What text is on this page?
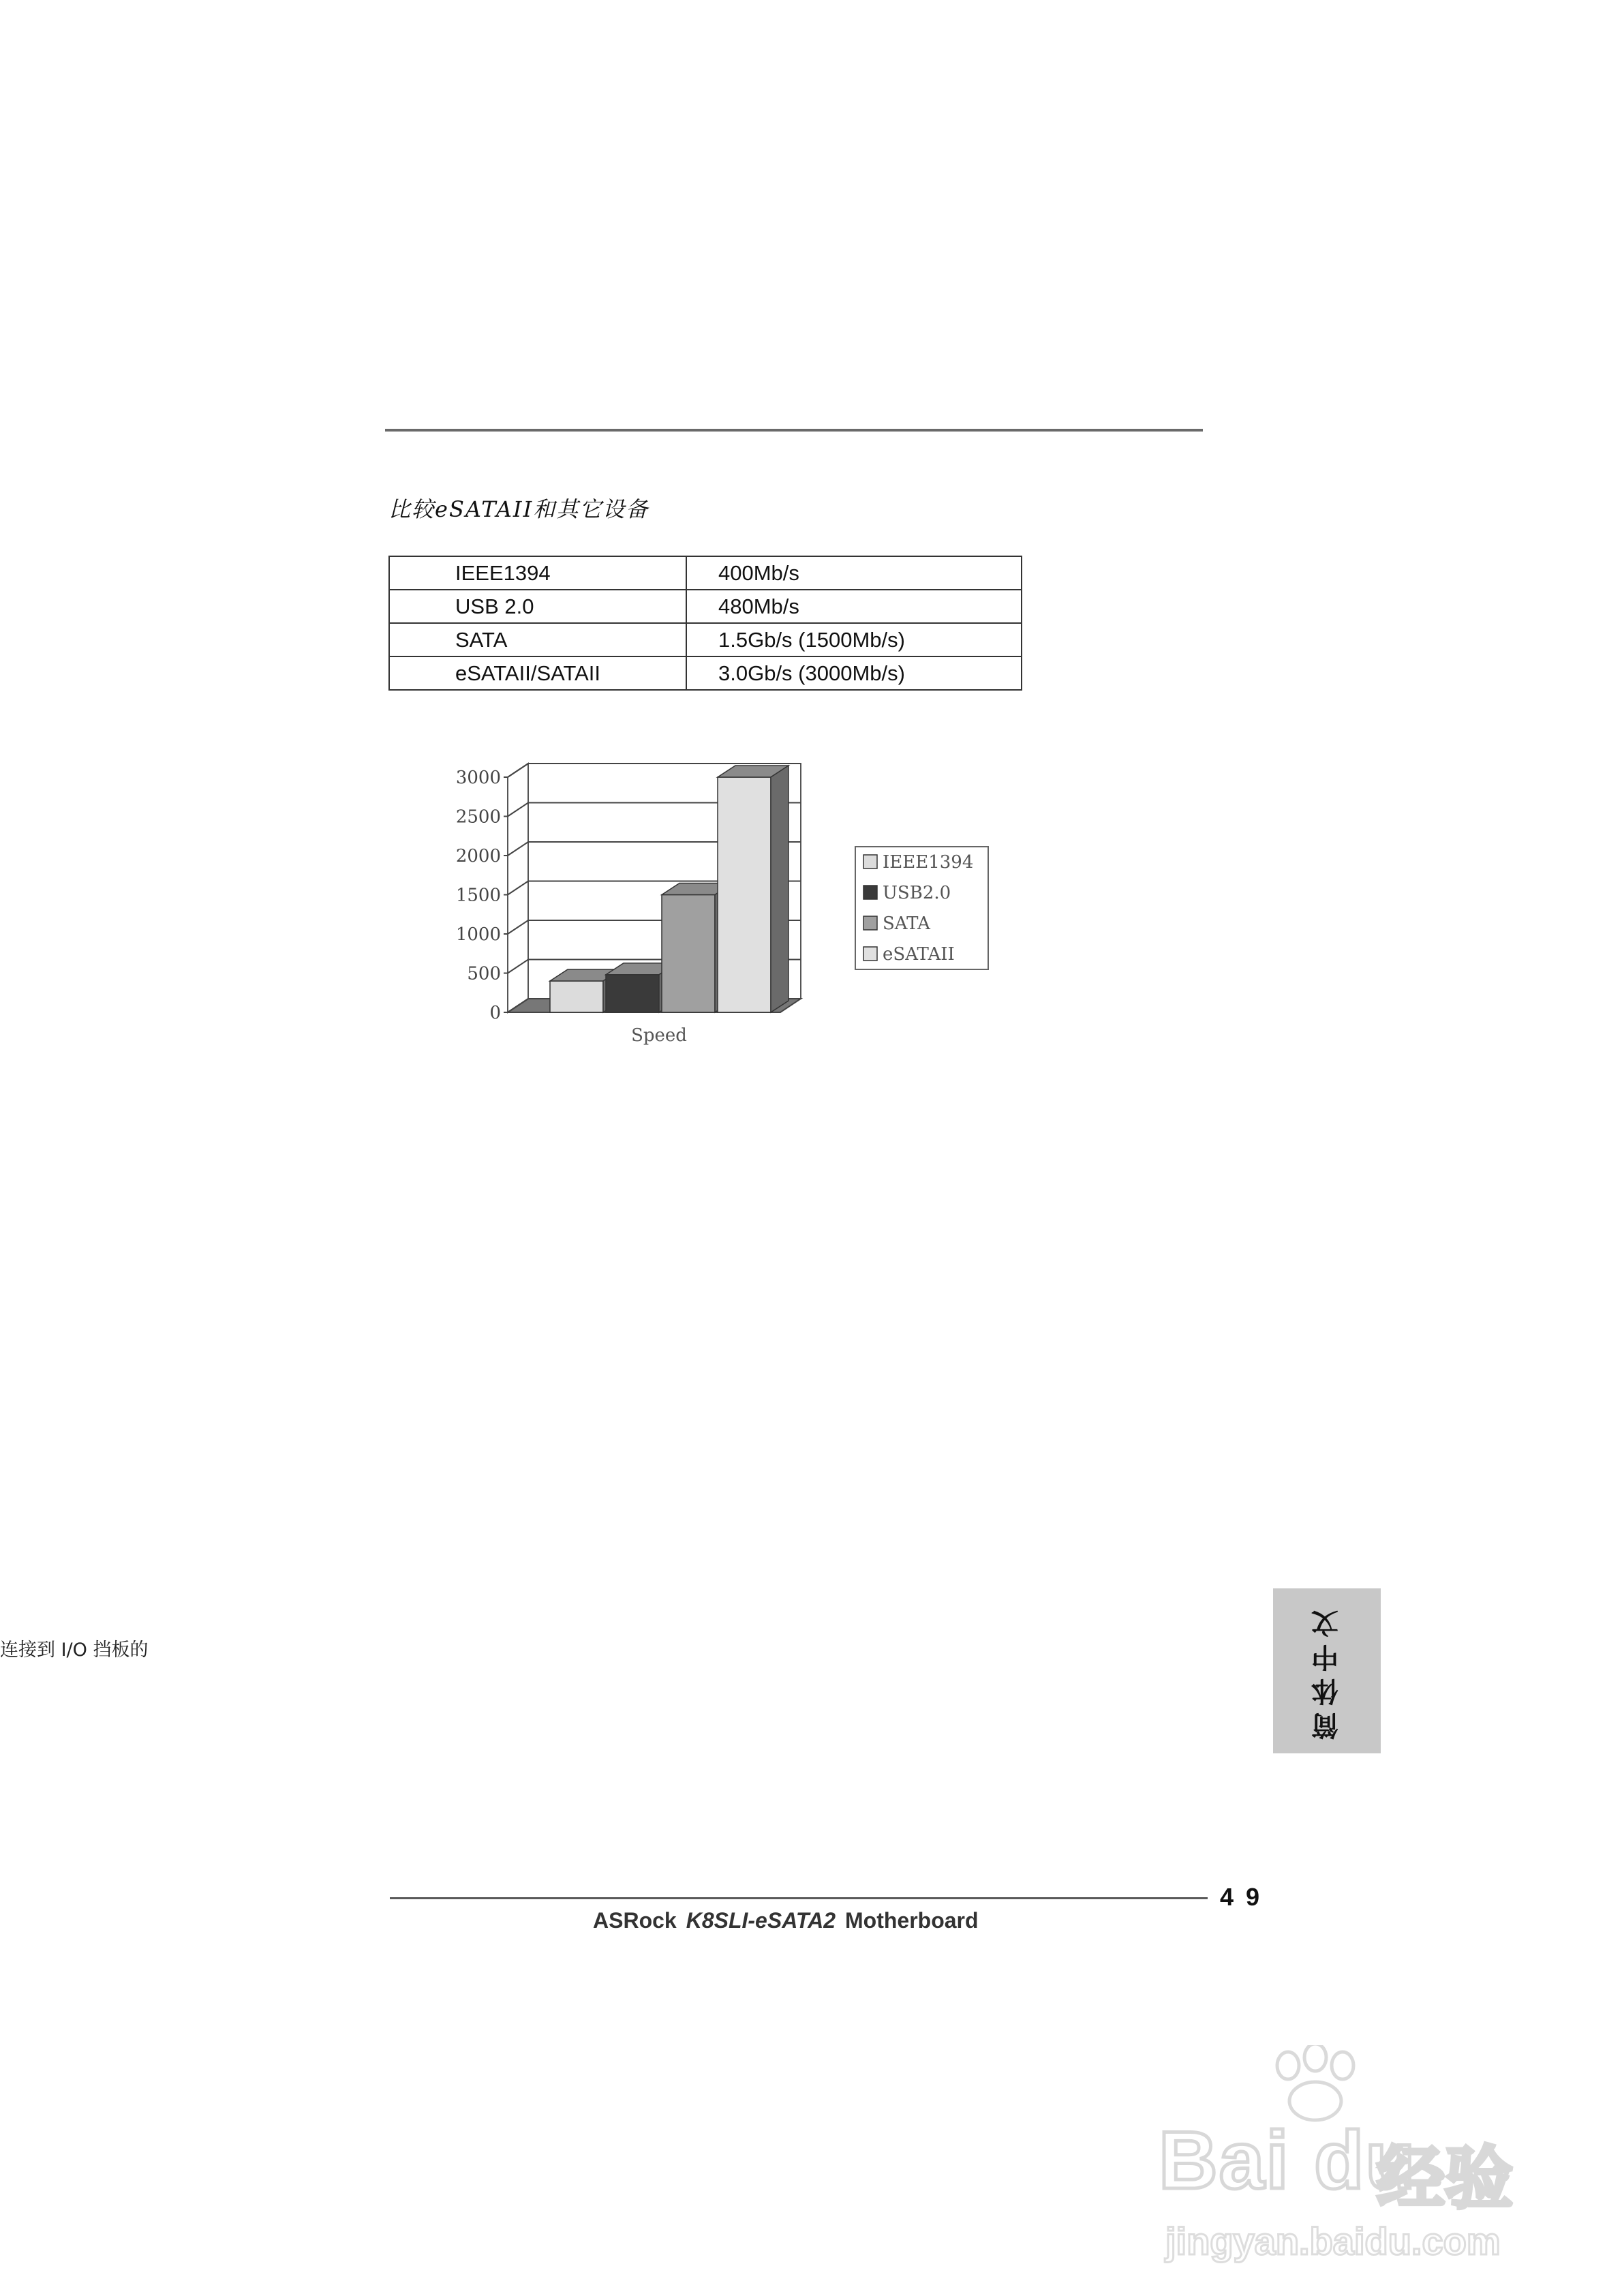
比较eSATAII和其它设备
IEEE1394	400Mb/s
USB 2.0	480Mb/s
SATA	1.5Gb/s (1500Mb/s)
eSATAII/SATAII	3.0Gb/s (3000Mb/s)
0
500
1000
1500
2000
2500
3000
Speed
IEEE1394
USB2.0
SATA
eSATAII
连接到 I/O 挡板的	简体中文
4 9
ASRock K8SLI-eSATA2 Motherboard
Bai du
经验
jingyan.baidu.com
